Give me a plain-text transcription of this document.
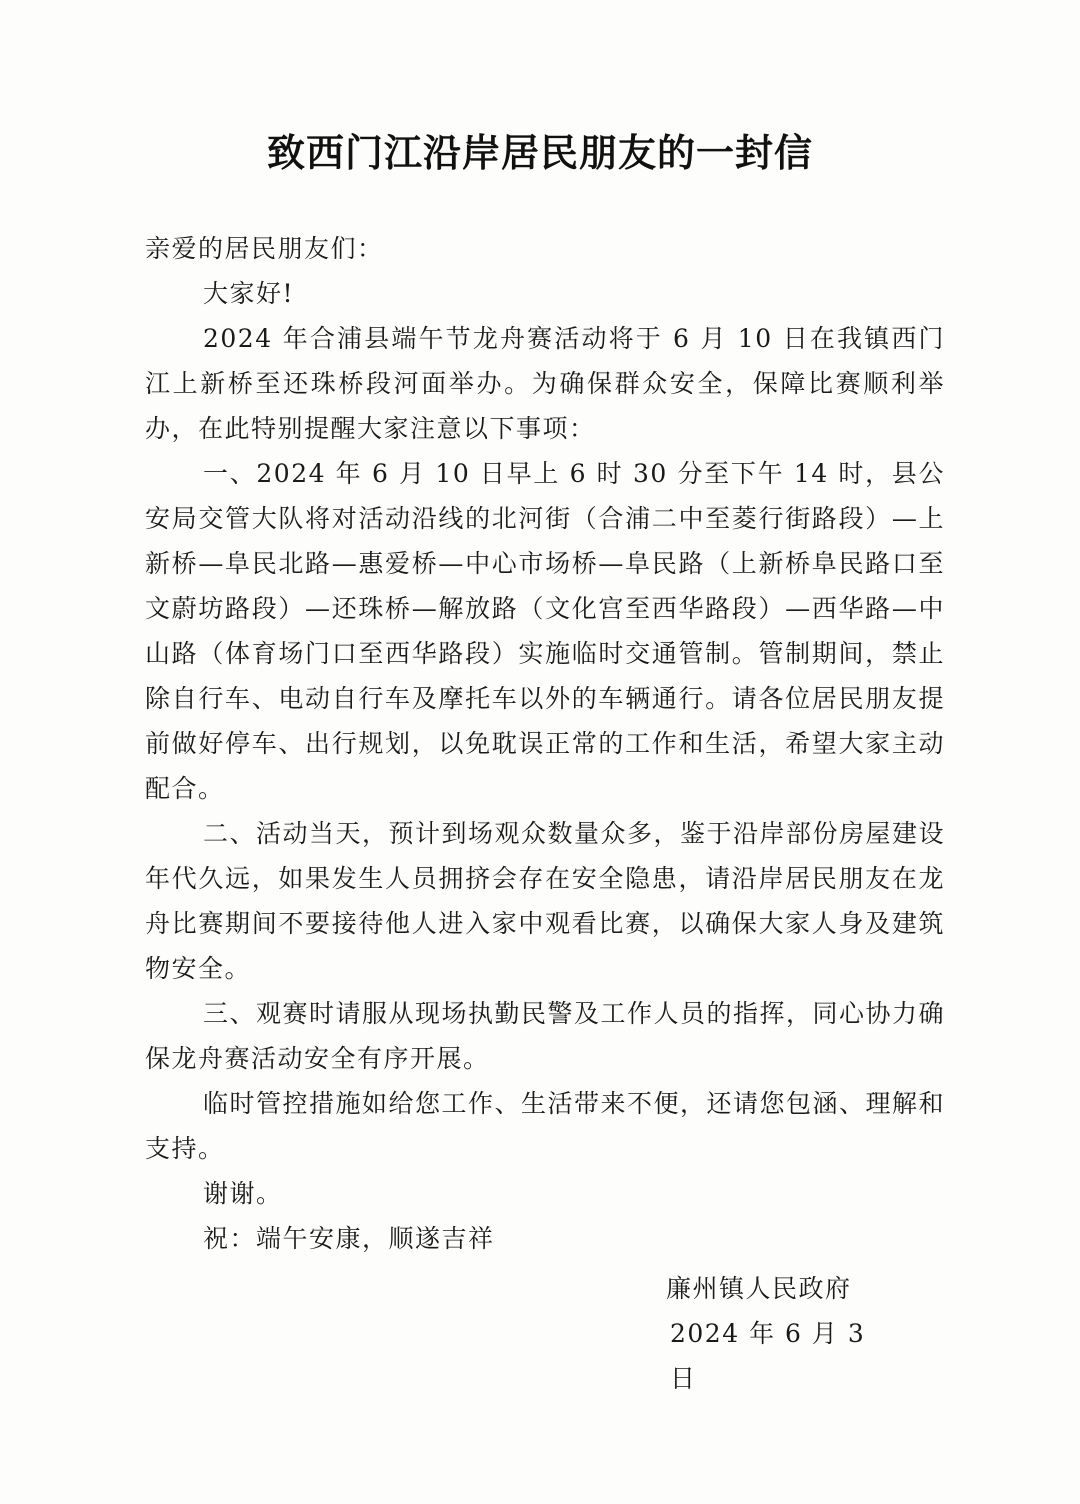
致西门江沿岸居民朋友的一封信

亲爱的居民朋友们：

大家好!

2024 年合浦县端午节龙舟赛活动将于 6 月 10 日在我镇西门江上新桥至还珠桥段河面举办。为确保群众安全，保障比赛顺利举办，在此特别提醒大家注意以下事项：

一、2024 年 6 月 10 日早上 6 时 30 分至下午 14 时，县公安局交管大队将对活动沿线的北河街（合浦二中至菱行街路段）—上新桥—阜民北路—惠爱桥—中心市场桥—阜民路（上新桥阜民路口至文蔚坊路段）—还珠桥—解放路（文化宫至西华路段）—西华路—中山路（体育场门口至西华路段）实施临时交通管制。管制期间，禁止除自行车、电动自行车及摩托车以外的车辆通行。请各位居民朋友提前做好停车、出行规划，以免耽误正常的工作和生活，希望大家主动配合。

二、活动当天，预计到场观众数量众多，鉴于沿岸部份房屋建设年代久远，如果发生人员拥挤会存在安全隐患，请沿岸居民朋友在龙舟比赛期间不要接待他人进入家中观看比赛，以确保大家人身及建筑物安全。

三、观赛时请服从现场执勤民警及工作人员的指挥，同心协力确保龙舟赛活动安全有序开展。

临时管控措施如给您工作、生活带来不便，还请您包涵、理解和支持。

谢谢。

祝：端午安康，顺遂吉祥

廉州镇人民政府
2024 年 6 月 3 日
